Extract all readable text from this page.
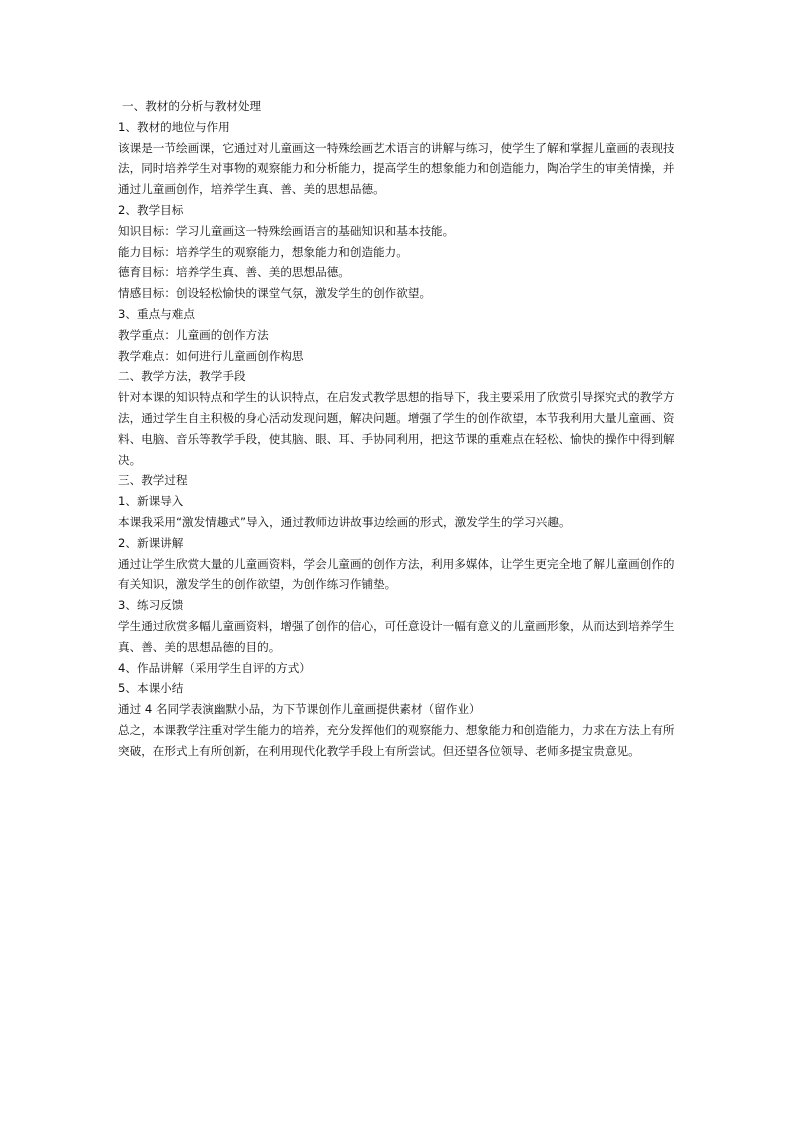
一、教材的分析与教材处理

1、教材的地位与作用

该课是一节绘画课，它通过对儿童画这一特殊绘画艺术语言的讲解与练习，使学生了解和掌握儿童画的表现技法，同时培养学生对事物的观察能力和分析能力，提高学生的想象能力和创造能力，陶冶学生的审美情操，并通过儿童画创作，培养学生真、善、美的思想品德。

2、教学目标

知识目标：学习儿童画这一特殊绘画语言的基础知识和基本技能。

能力目标：培养学生的观察能力，想象能力和创造能力。

德育目标：培养学生真、善、美的思想品德。

情感目标：创设轻松愉快的课堂气氛，激发学生的创作欲望。

3、重点与难点

教学重点：儿童画的创作方法

教学难点：如何进行儿童画创作构思

二、教学方法，教学手段

针对本课的知识特点和学生的认识特点，在启发式教学思想的指导下，我主要采用了欣赏引导探究式的教学方法，通过学生自主积极的身心活动发现问题，解决问题。增强了学生的创作欲望，本节我利用大量儿童画、资料、电脑、音乐等教学手段，使其脑、眼、耳、手协同利用，把这节课的重难点在轻松、愉快的操作中得到解决。

三、教学过程

1、新课导入

本课我采用“激发情趣式”导入，通过教师边讲故事边绘画的形式，激发学生的学习兴趣。

2、新课讲解

通过让学生欣赏大量的儿童画资料，学会儿童画的创作方法，利用多媒体，让学生更完全地了解儿童画创作的有关知识，激发学生的创作欲望，为创作练习作铺垫。

3、练习反馈

学生通过欣赏多幅儿童画资料，增强了创作的信心，可任意设计一幅有意义的儿童画形象，从而达到培养学生真、善、美的思想品德的目的。

4、作品讲解（采用学生自评的方式）

5、本课小结

通过 4 名同学表演幽默小品，为下节课创作儿童画提供素材（留作业）

总之，本课教学注重对学生能力的培养，充分发挥他们的观察能力、想象能力和创造能力，力求在方法上有所突破，在形式上有所创新，在利用现代化教学手段上有所尝试。但还望各位领导、老师多提宝贵意见。
